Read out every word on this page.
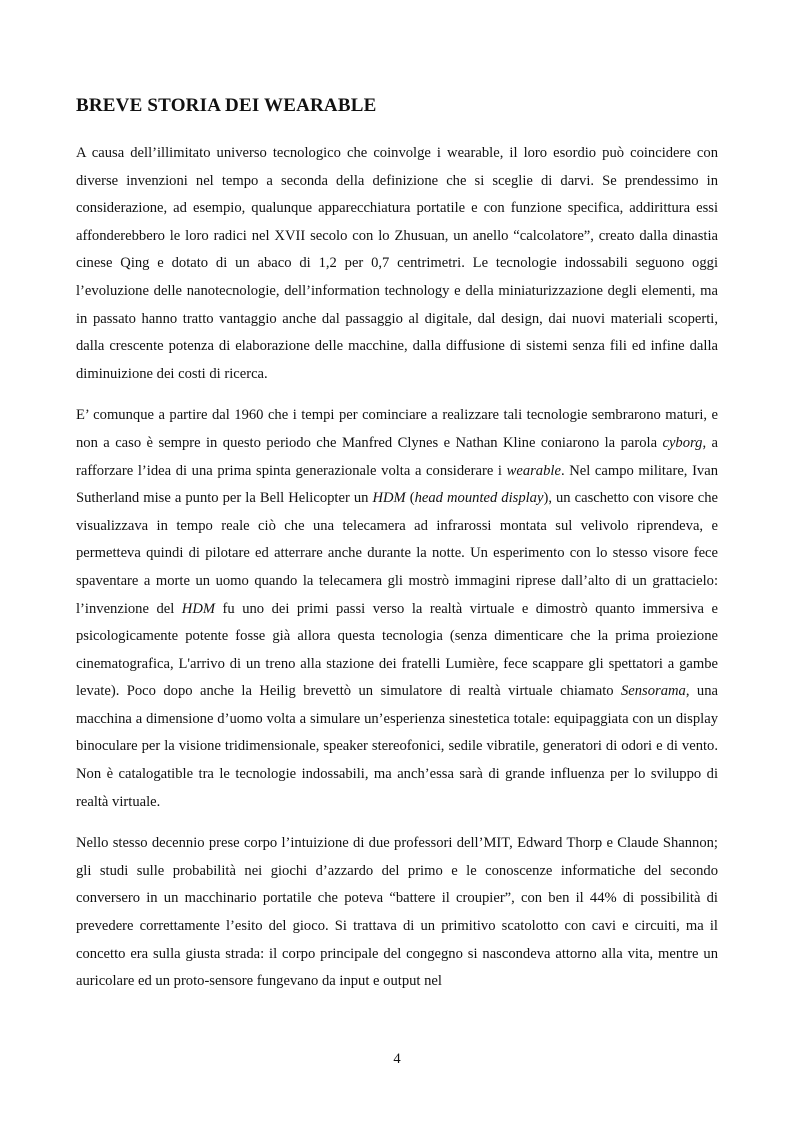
BREVE STORIA DEI WEARABLE

A causa dell’illimitato universo tecnologico che coinvolge i wearable, il loro esordio può coincidere con diverse invenzioni nel tempo a seconda della definizione che si sceglie di darvi. Se prendessimo in considerazione, ad esempio, qualunque apparecchiatura portatile e con funzione specifica, addirittura essi affonderebbero le loro radici nel XVII secolo con lo Zhusuan, un anello “calcolatore”, creato dalla dinastia cinese Qing e dotato di un abaco di 1,2 per 0,7 centrimetri. Le tecnologie indossabili seguono oggi l’evoluzione delle nanotecnologie, dell’information technology e della miniaturizzazione degli elementi, ma in passato hanno tratto vantaggio anche dal passaggio al digitale, dal design, dai nuovi materiali scoperti, dalla crescente potenza di elaborazione delle macchine, dalla diffusione di sistemi senza fili ed infine dalla diminuizione dei costi di ricerca.

E’ comunque a partire dal 1960 che i tempi per cominciare a realizzare tali tecnologie sembrarono maturi, e non a caso è sempre in questo periodo che Manfred Clynes e Nathan Kline coniarono la parola cyborg, a rafforzare l’idea di una prima spinta generazionale volta a considerare i wearable. Nel campo militare, Ivan Sutherland mise a punto per la Bell Helicopter un HDM (head mounted display), un caschetto con visore che visualizzava in tempo reale ciò che una telecamera ad infrarossi montata sul velivolo riprendeva, e permetteva quindi di pilotare ed atterrare anche durante la notte. Un esperimento con lo stesso visore fece spaventare a morte un uomo quando la telecamera gli mostrò immagini riprese dall’alto di un grattacielo: l’invenzione del HDM fu uno dei primi passi verso la realtà virtuale e dimostrò quanto immersiva e psicologicamente potente fosse già allora questa tecnologia (senza dimenticare che la prima proiezione cinematografica, L'arrivo di un treno alla stazione dei fratelli Lumière, fece scappare gli spettatori a gambe levate). Poco dopo anche la Heilig brevettò un simulatore di realtà virtuale chiamato Sensorama, una macchina a dimensione d’uomo volta a simulare un’esperienza sinestetica totale: equipaggiata con un display binoculare per la visione tridimensionale, speaker stereofonici, sedile vibratile, generatori di odori e di vento. Non è catalogatible tra le tecnologie indossabili, ma anch’essa sarà di grande influenza per lo sviluppo di realtà virtuale.

Nello stesso decennio prese corpo l’intuizione di due professori dell’MIT, Edward Thorp e Claude Shannon; gli studi sulle probabilità nei giochi d’azzardo del primo e le conoscenze informatiche del secondo conversero in un macchinario portatile che poteva “battere il croupier”, con ben il 44% di possibilità di prevedere correttamente l’esito del gioco. Si trattava di un primitivo scatolotto con cavi e circuiti, ma il concetto era sulla giusta strada: il corpo principale del congegno si nascondeva attorno alla vita, mentre un auricolare ed un proto-sensore fungevano da input e output nel

4
